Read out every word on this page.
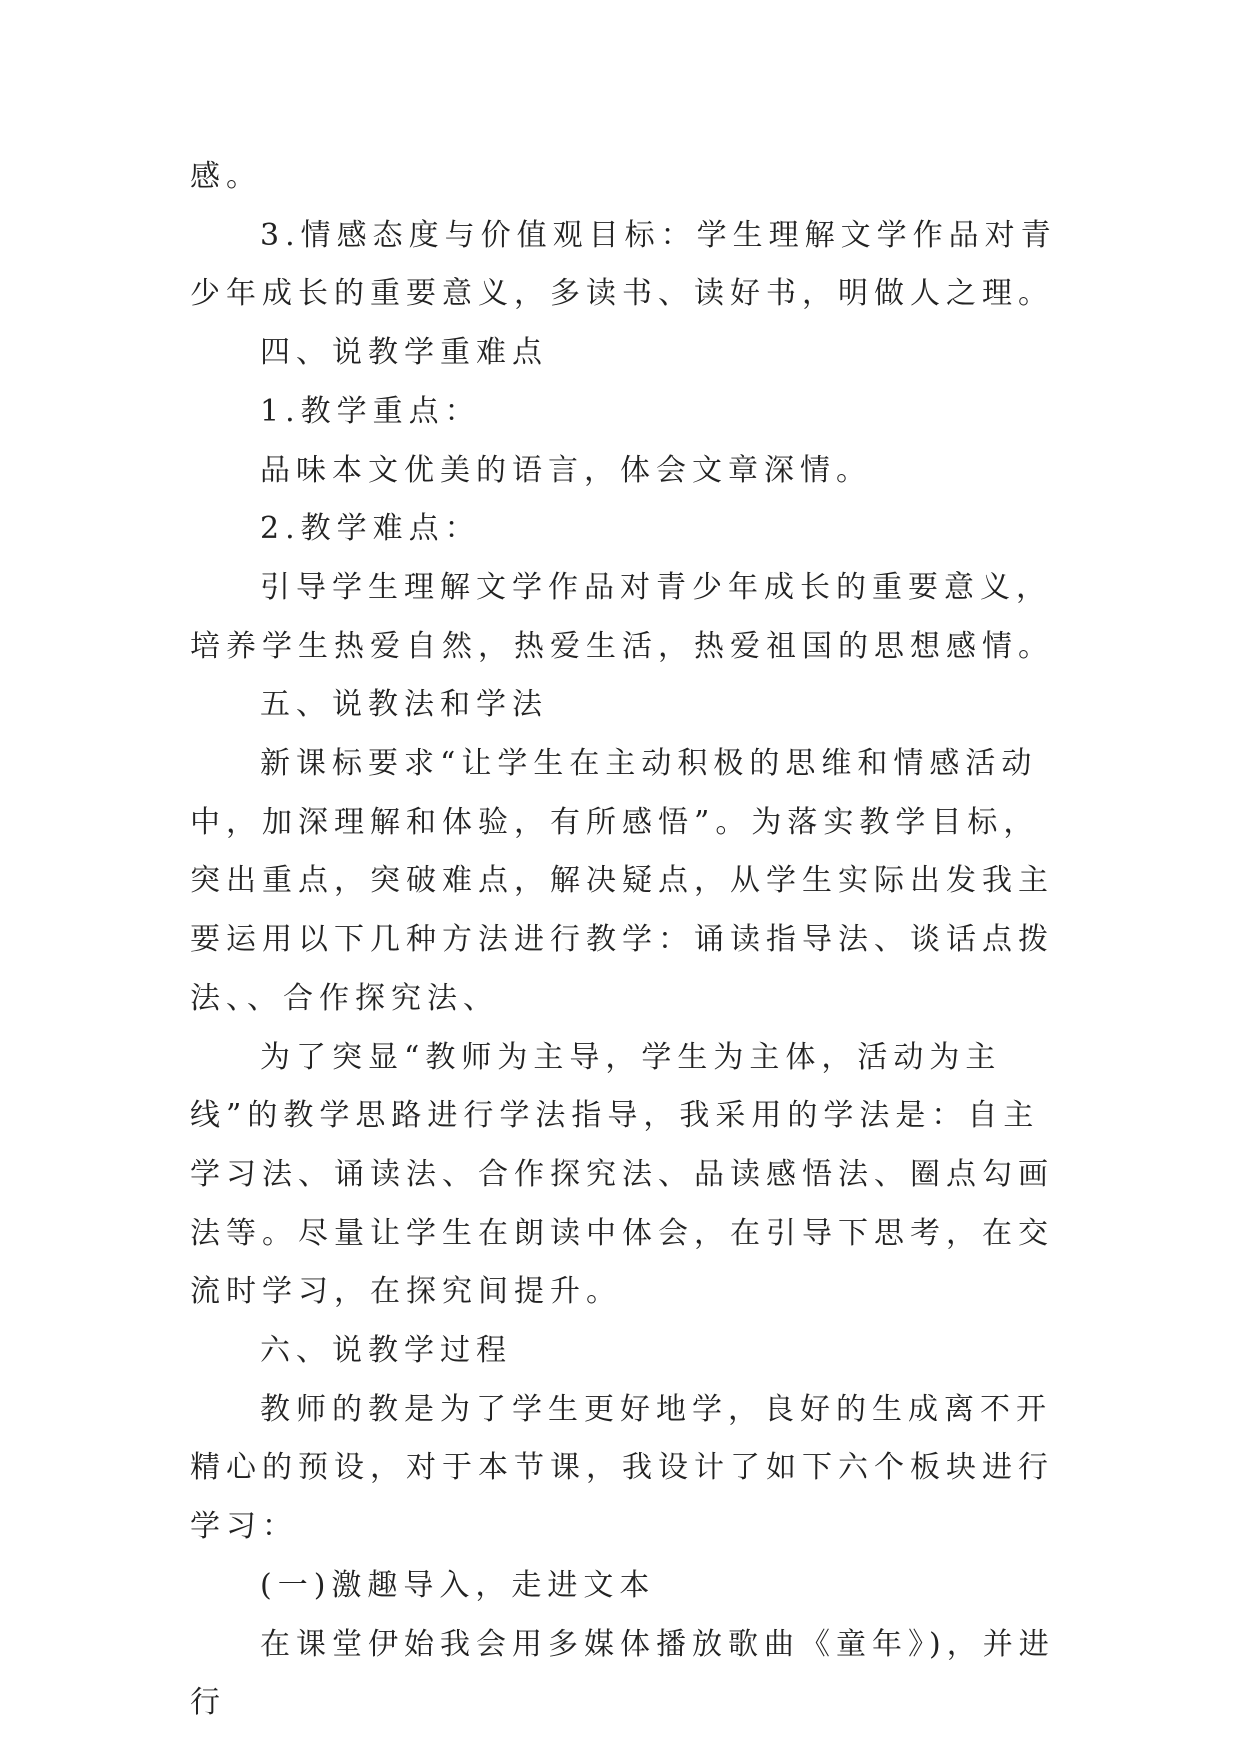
感。

3.情感态度与价值观目标：学生理解文学作品对青少年成长的重要意义，多读书、读好书，明做人之理。

四、说教学重难点

1.教学重点：

品味本文优美的语言，体会文章深情。

2.教学难点：

引导学生理解文学作品对青少年成长的重要意义，培养学生热爱自然，热爱生活，热爱祖国的思想感情。

五、说教法和学法

新课标要求“让学生在主动积极的思维和情感活动中，加深理解和体验，有所感悟”。为落实教学目标，突出重点，突破难点，解决疑点，从学生实际出发我主要运用以下几种方法进行教学：诵读指导法、谈话点拨法、、合作探究法、

为了突显“教师为主导，学生为主体，活动为主线”的教学思路进行学法指导，我采用的学法是：自主学习法、诵读法、合作探究法、品读感悟法、圈点勾画法等。尽量让学生在朗读中体会，在引导下思考，在交流时学习，在探究间提升。

六、说教学过程

教师的教是为了学生更好地学，良好的生成离不开精心的预设，对于本节课，我设计了如下六个板块进行学习：

(一)激趣导入，走进文本

在课堂伊始我会用多媒体播放歌曲《童年》)，并进行
